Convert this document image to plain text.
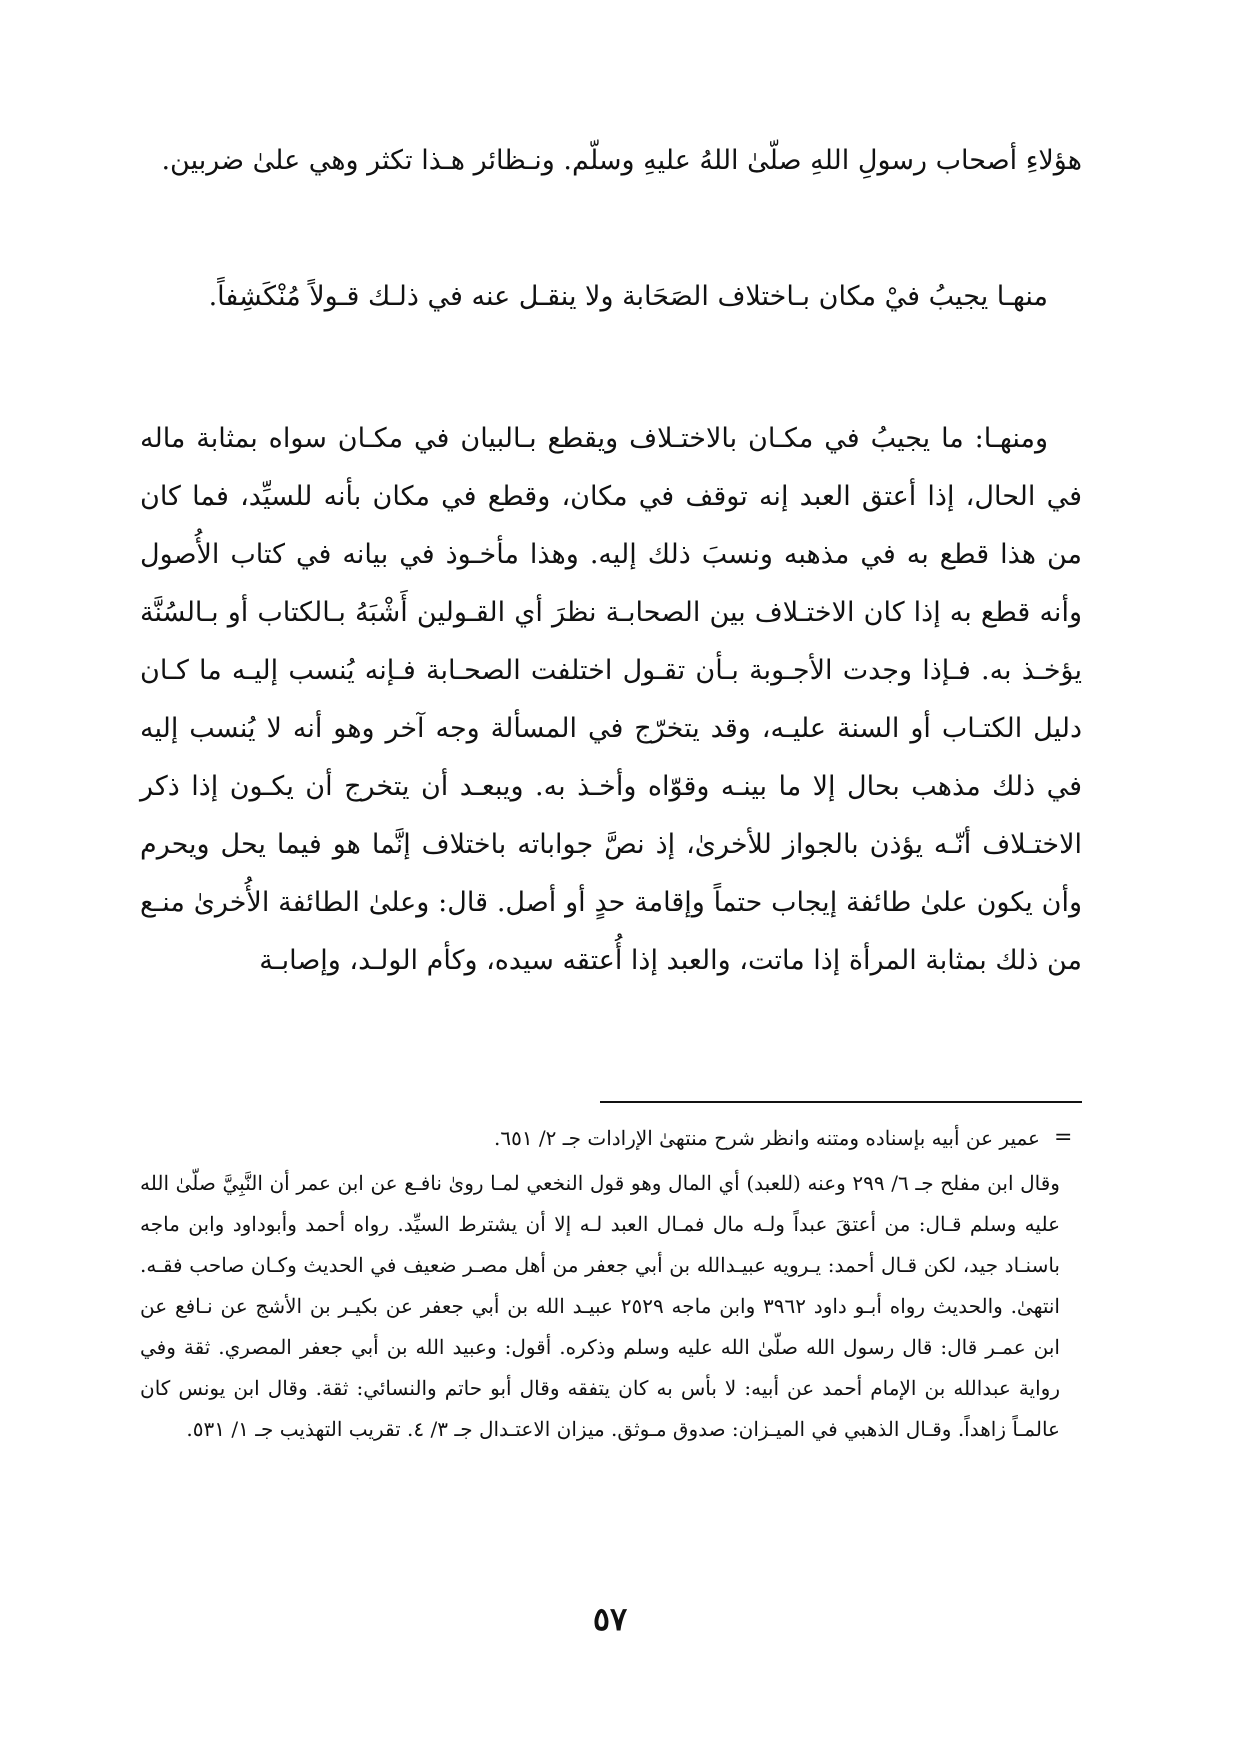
هؤلاءِ أصحاب رسولِ اللهِ صلّىٰ اللهُ عليهِ وسلّم. ونـظائر هـذا تكثر وهي علىٰ ضربين.

منهـا يجيبُ فيْ مكان بـاختلاف الصَحَابة ولا ينقـل عنه في ذلـك قـولاً مُنْكَشِفاً.

ومنهـا: ما يجيبُ في مكـان بالاختـلاف ويقطع بـالبيان في مكـان سواه بمثابة ماله في الحال، إذا أعتق العبد إنه توقف في مكان، وقطع في مكان بأنه للسيِّد، فما كان من هذا قطع به في مذهبه ونسبَ ذلك إليه. وهذا مأخـوذ في بيانه في كتاب الأُصول وأنه قطع به إذا كان الاختـلاف بين الصحابـة نظرَ أي القـولين أَشْبَهُ بـالكتاب أو بـالسُنَّة يؤخـذ به. فـإذا وجدت الأجـوبة بـأن تقـول اختلفت الصحـابة فـإنه يُنسب إليـه ما كـان دليل الكتـاب أو السنة عليـه، وقد يتخرّج في المسألة وجه آخر وهو أنه لا يُنسب إليه في ذلك مذهب بحال إلا ما بينـه وقوّاه وأخـذ به. ويبعـد أن يتخرج أن يكـون إذا ذكر الاختـلاف أنّـه يؤذن بالجواز للأخرىٰ، إذ نصَّ جواباته باختلاف إنَّما هو فيما يحل ويحرم وأن يكون علىٰ طائفة إيجاب حتماً وإقامة حدٍ أو أصل. قال: وعلىٰ الطائفة الأُخرىٰ منـع من ذلك بمثابة المرأة إذا ماتت، والعبد إذا أُعتقه سيده، وكأم الولـد، وإصابـة

=
عمير عن أبيه بإسناده ومتنه وانظر شرح منتهىٰ الإرادات جـ ٢/ ٦٥١.
وقال ابن مفلح جـ ٦/ ٢٩٩ وعنه (للعبد) أي المال وهو قول النخعي لمـا روىٰ نافـع عن ابن عمر أن النَّبِيَّ صلّىٰ الله عليه وسلم قـال: من أعتقَ عبداً ولـه مال فمـال العبد لـه إلا أن يشترط السيِّد. رواه أحمد وأبوداود وابن ماجه باسنـاد جيد، لكن قـال أحمد: يـرويه عبيـدالله بن أبي جعفر من أهل مصـر ضعيف في الحديث وكـان صاحب فقـه. انتهىٰ. والحديث رواه أبـو داود ٣٩٦٢ وابن ماجه ٢٥٢٩ عبيـد الله بن أبي جعفر عن بكيـر بن الأشج عن نـافع عن ابن عمـر قال: قال رسول الله صلّىٰ الله عليه وسلم وذكره. أقول: وعبيد الله بن أبي جعفر المصري. ثقة وفي رواية عبدالله بن الإمام أحمد عن أبيه: لا بأس به كان يتفقه وقال أبو حاتم والنسائي: ثقة. وقال ابن يونس كان عالمـاً زاهداً. وقـال الذهبي في الميـزان: صدوق مـوثق. ميزان الاعتـدال جـ ٣/ ٤. تقريب التهذيب جـ ١/ ٥٣١.
٥٧
